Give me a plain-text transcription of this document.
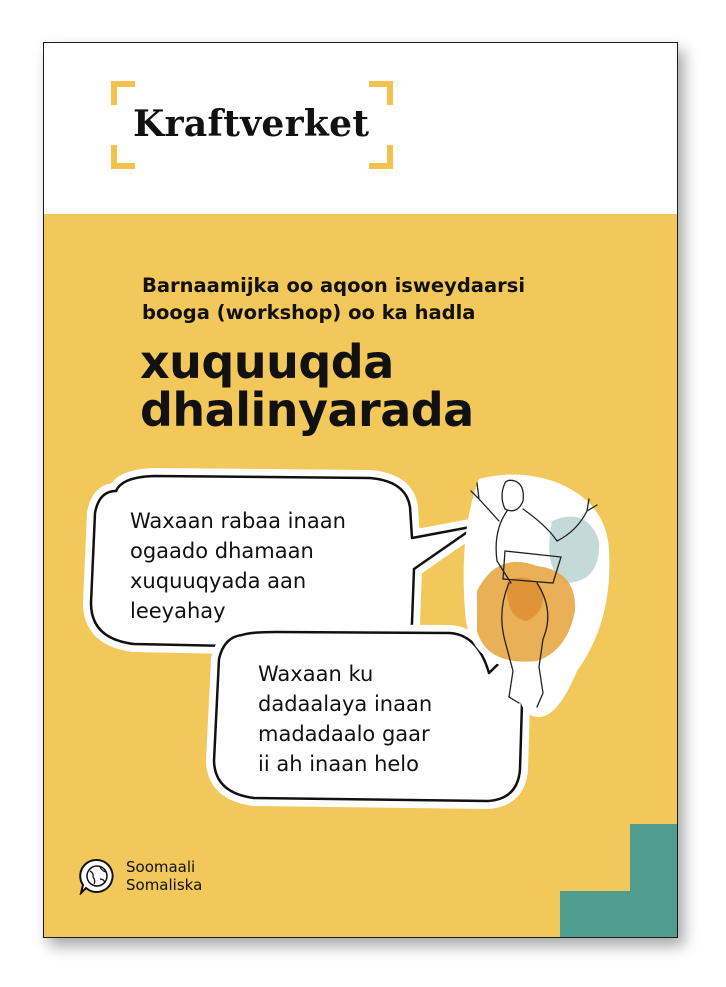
Kraftverket

Barnaamijka oo aqoon isweydaarsi
booga (workshop) oo ka hadla

xuquuqda
dhalinyarada

Waxaan rabaa inaan
ogaado dhamaan
xuquuqyada aan
leeyahay

Waxaan ku
dadaalaya inaan
madadaalo gaar
ii ah inaan helo

Soomaali
Somaliska
